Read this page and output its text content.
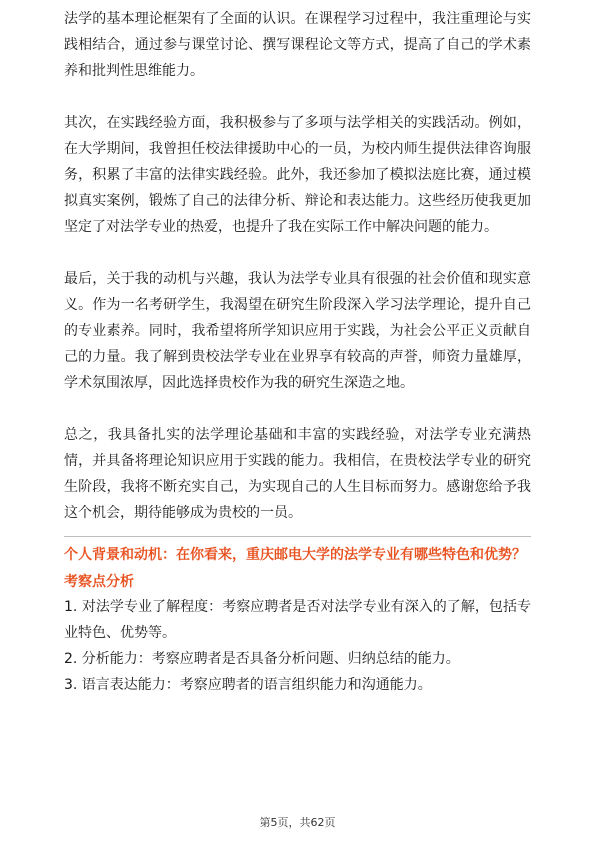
法学的基本理论框架有了全面的认识。在课程学习过程中，我注重理论与实践相结合，通过参与课堂讨论、撰写课程论文等方式，提高了自己的学术素养和批判性思维能力。

其次，在实践经验方面，我积极参与了多项与法学相关的实践活动。例如，在大学期间，我曾担任校法律援助中心的一员，为校内师生提供法律咨询服务，积累了丰富的法律实践经验。此外，我还参加了模拟法庭比赛，通过模拟真实案例，锻炼了自己的法律分析、辩论和表达能力。这些经历使我更加坚定了对法学专业的热爱，也提升了我在实际工作中解决问题的能力。

最后，关于我的动机与兴趣，我认为法学专业具有很强的社会价值和现实意义。作为一名考研学生，我渴望在研究生阶段深入学习法学理论，提升自己的专业素养。同时，我希望将所学知识应用于实践，为社会公平正义贡献自己的力量。我了解到贵校法学专业在业界享有较高的声誉，师资力量雄厚，学术氛围浓厚，因此选择贵校作为我的研究生深造之地。

总之，我具备扎实的法学理论基础和丰富的实践经验，对法学专业充满热情，并具备将理论知识应用于实践的能力。我相信，在贵校法学专业的研究生阶段，我将不断充实自己，为实现自己的人生目标而努力。感谢您给予我这个机会，期待能够成为贵校的一员。

个人背景和动机：在你看来，重庆邮电大学的法学专业有哪些特色和优势？

考察点分析

1. 对法学专业了解程度：考察应聘者是否对法学专业有深入的了解，包括专业特色、优势等。
2. 分析能力：考察应聘者是否具备分析问题、归纳总结的能力。
3. 语言表达能力：考察应聘者的语言组织能力和沟通能力。
第5页，共62页
